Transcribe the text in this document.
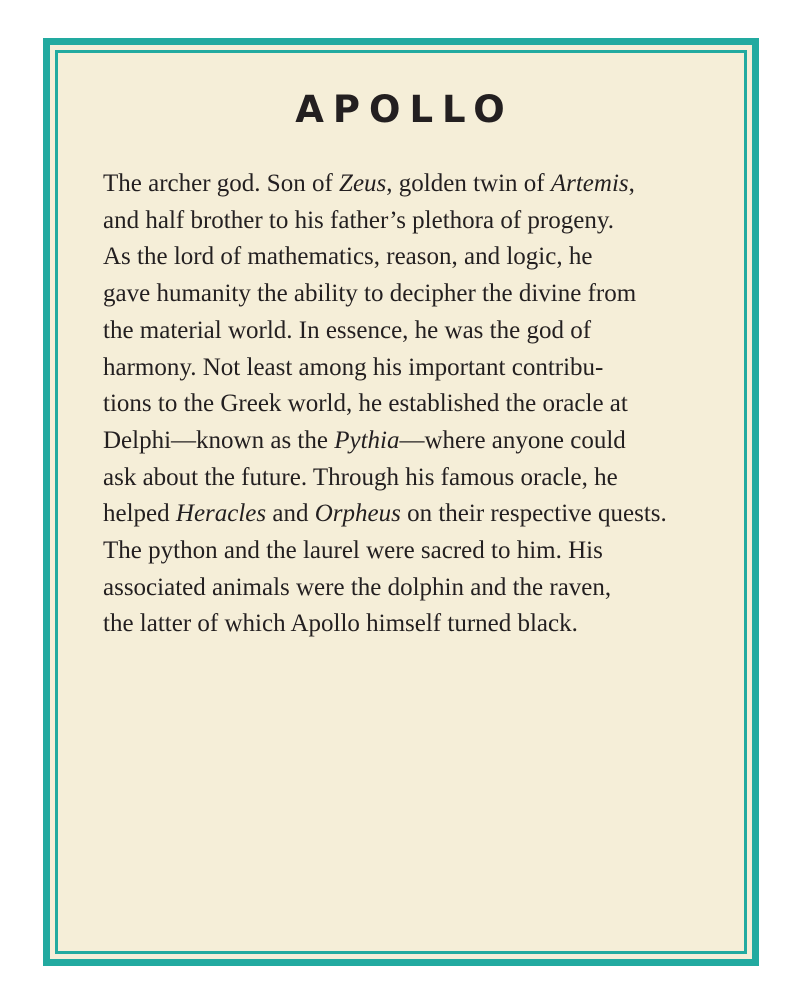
APOLLO
The archer god. Son of Zeus, golden twin of Artemis,
and half brother to his father’s plethora of progeny.
As the lord of mathematics, reason, and logic, he
gave humanity the ability to decipher the divine from
the material world. In essence, he was the god of
harmony. Not least among his important contribu-
tions to the Greek world, he established the oracle at
Delphi—known as the Pythia—where anyone could
ask about the future. Through his famous oracle, he
helped Heracles and Orpheus on their respective quests.
The python and the laurel were sacred to him. His
associated animals were the dolphin and the raven,
the latter of which Apollo himself turned black.
